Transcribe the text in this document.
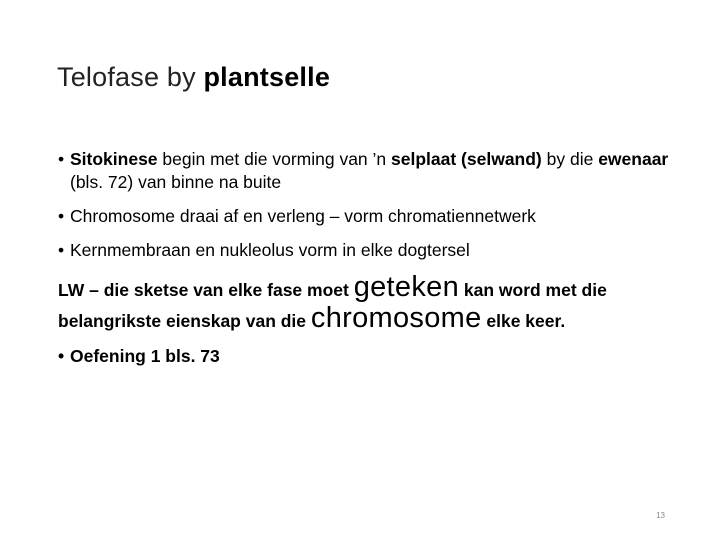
Telofase by plantselle
• Sitokinese begin met die vorming van ’n selplaat (selwand) by die ewenaar (bls. 72) van binne na buite
• Chromosome draai af en verleng – vorm chromatiennetwerk
• Kernmembraan en nukleolus vorm in elke dogtersel
LW – die sketse van elke fase moet geteken kan word met die belangrikste eienskap van die chromosome elke keer.
• Oefening 1 bls. 73
13
